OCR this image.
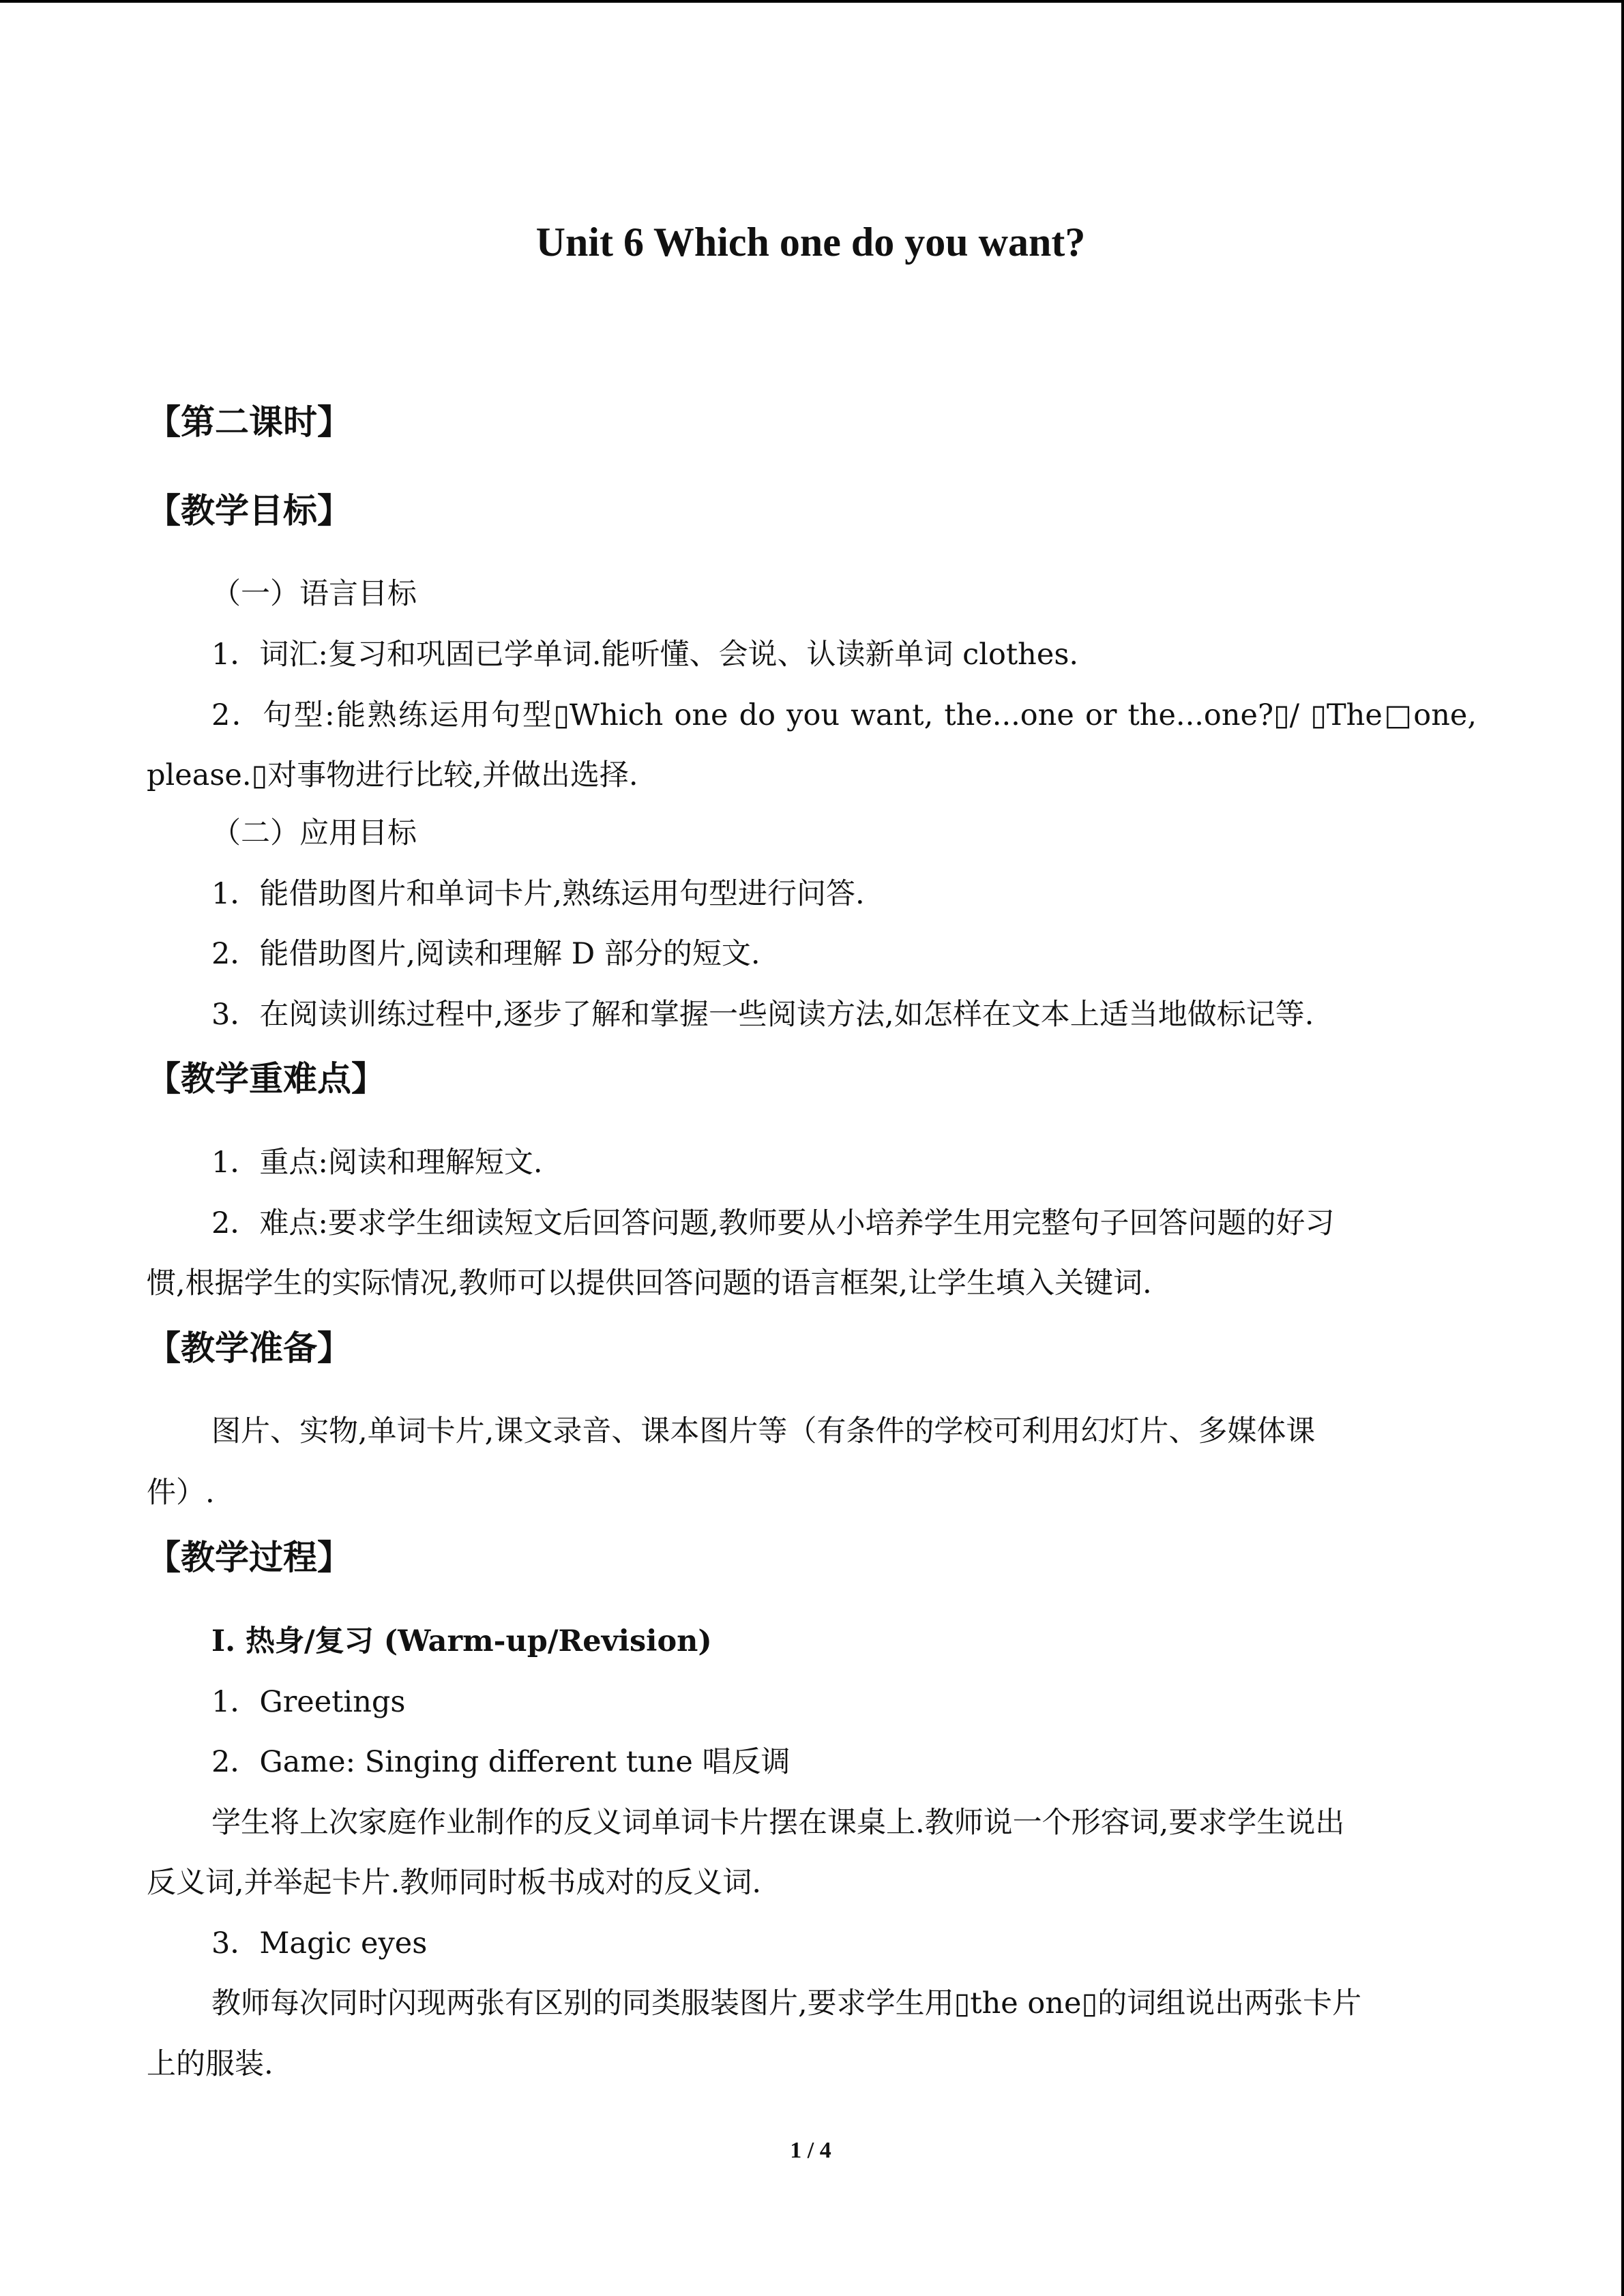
Unit 6 Which one do you want?
【第二课时】
【教学目标】
（一）语言目标
1．词汇:复习和巩固已学单词.能听懂、会说、认读新单词 clothes.
2．句型:能熟练运用句型▯Which one do you want, the...one or the...one?▯/ ▯The□one,
please.▯对事物进行比较,并做出选择.
（二）应用目标
1．能借助图片和单词卡片,熟练运用句型进行问答.
2．能借助图片,阅读和理解 D 部分的短文.
3．在阅读训练过程中,逐步了解和掌握一些阅读方法,如怎样在文本上适当地做标记等.
【教学重难点】
1．重点:阅读和理解短文.
2．难点:要求学生细读短文后回答问题,教师要从小培养学生用完整句子回答问题的好习
惯,根据学生的实际情况,教师可以提供回答问题的语言框架,让学生填入关键词.
【教学准备】
图片、实物,单词卡片,课文录音、课本图片等（有条件的学校可利用幻灯片、多媒体课
件）.
【教学过程】
I. 热身/复习 (Warm-up/Revision)
1．Greetings
2．Game: Singing different tune 唱反调
学生将上次家庭作业制作的反义词单词卡片摆在课桌上.教师说一个形容词,要求学生说出
反义词,并举起卡片.教师同时板书成对的反义词.
3．Magic eyes
教师每次同时闪现两张有区别的同类服装图片,要求学生用▯the one▯的词组说出两张卡片
上的服装.
1 / 4
